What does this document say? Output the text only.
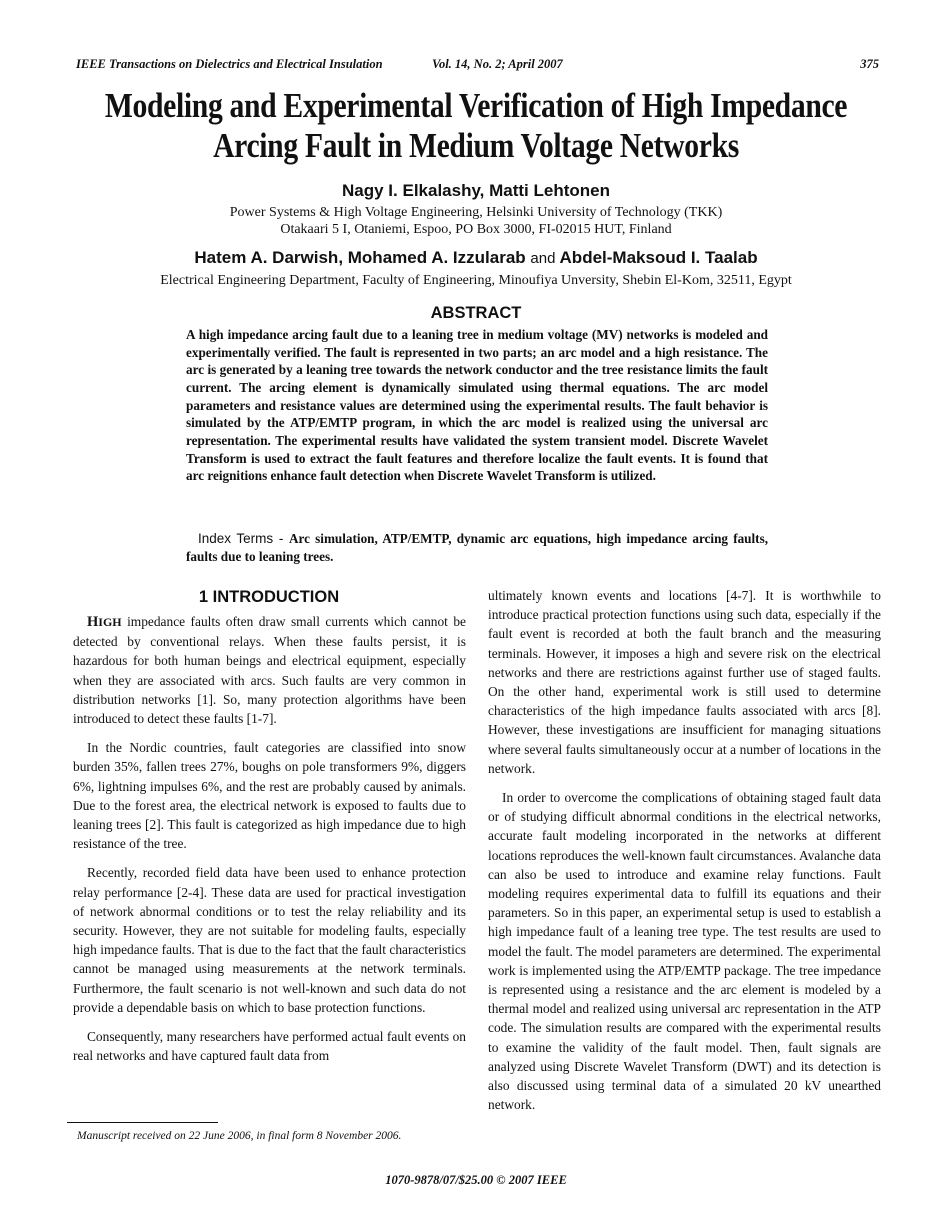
IEEE Transactions on Dielectrics and Electrical Insulation	Vol. 14, No. 2; April 2007	375
Modeling and Experimental Verification of High Impedance
Arcing Fault in Medium Voltage Networks
Nagy I. Elkalashy, Matti Lehtonen
Power Systems & High Voltage Engineering, Helsinki University of Technology (TKK)
Otakaari 5 I, Otaniemi, Espoo, PO Box 3000, FI-02015 HUT, Finland
Hatem A. Darwish, Mohamed A. Izzularab and Abdel-Maksoud I. Taalab
Electrical Engineering Department, Faculty of Engineering, Minoufiya Unversity, Shebin El-Kom, 32511, Egypt
ABSTRACT
A high impedance arcing fault due to a leaning tree in medium voltage (MV) networks is modeled and experimentally verified. The fault is represented in two parts; an arc model and a high resistance. The arc is generated by a leaning tree towards the network conductor and the tree resistance limits the fault current. The arcing element is dynamically simulated using thermal equations. The arc model parameters and resistance values are determined using the experimental results. The fault behavior is simulated by the ATP/EMTP program, in which the arc model is realized using the universal arc representation. The experimental results have validated the system transient model. Discrete Wavelet Transform is used to extract the fault features and therefore localize the fault events. It is found that arc reignitions enhance fault detection when Discrete Wavelet Transform is utilized.
Index Terms - Arc simulation, ATP/EMTP, dynamic arc equations, high impedance arcing faults, faults due to leaning trees.
1 INTRODUCTION

HIGH impedance faults often draw small currents which cannot be detected by conventional relays. When these faults persist, it is hazardous for both human beings and electrical equipment, especially when they are associated with arcs. Such faults are very common in distribution networks [1]. So, many protection algorithms have been introduced to detect these faults [1-7].

In the Nordic countries, fault categories are classified into snow burden 35%, fallen trees 27%, boughs on pole transformers 9%, diggers 6%, lightning impulses 6%, and the rest are probably caused by animals. Due to the forest area, the electrical network is exposed to faults due to leaning trees [2]. This fault is categorized as high impedance due to high resistance of the tree.

Recently, recorded field data have been used to enhance protection relay performance [2-4]. These data are used for practical investigation of network abnormal conditions or to test the relay reliability and its security. However, they are not suitable for modeling faults, especially high impedance faults. That is due to the fact that the fault characteristics cannot be managed using measurements at the network terminals. Furthermore, the fault scenario is not well-known and such data do not provide a dependable basis on which to base protection functions.

Consequently, many researchers have performed actual fault events on real networks and have captured fault data from

ultimately known events and locations [4-7]. It is worthwhile to introduce practical protection functions using such data, especially if the fault event is recorded at both the fault branch and the measuring terminals. However, it imposes a high and severe risk on the electrical networks and there are restrictions against further use of staged faults. On the other hand, experimental work is still used to determine characteristics of the high impedance faults associated with arcs [8]. However, these investigations are insufficient for managing situations where several faults simultaneously occur at a number of locations in the network.

In order to overcome the complications of obtaining staged fault data or of studying difficult abnormal conditions in the electrical networks, accurate fault modeling incorporated in the networks at different locations reproduces the well-known fault circumstances. Avalanche data can also be used to introduce and examine relay functions. Fault modeling requires experimental data to fulfill its equations and their parameters. So in this paper, an experimental setup is used to establish a high impedance fault of a leaning tree type. The test results are used to model the fault. The model parameters are determined. The experimental work is implemented using the ATP/EMTP package. The tree impedance is represented using a resistance and the arc element is modeled by a thermal model and realized using universal arc representation in the ATP code. The simulation results are compared with the experimental results to examine the validity of the fault model. Then, fault signals are analyzed using Discrete Wavelet Transform (DWT) and its detection is also discussed using terminal data of a simulated 20 kV unearthed network.

Manuscript received on 22 June 2006, in final form 8 November 2006.
1070-9878/07/$25.00 © 2007 IEEE
